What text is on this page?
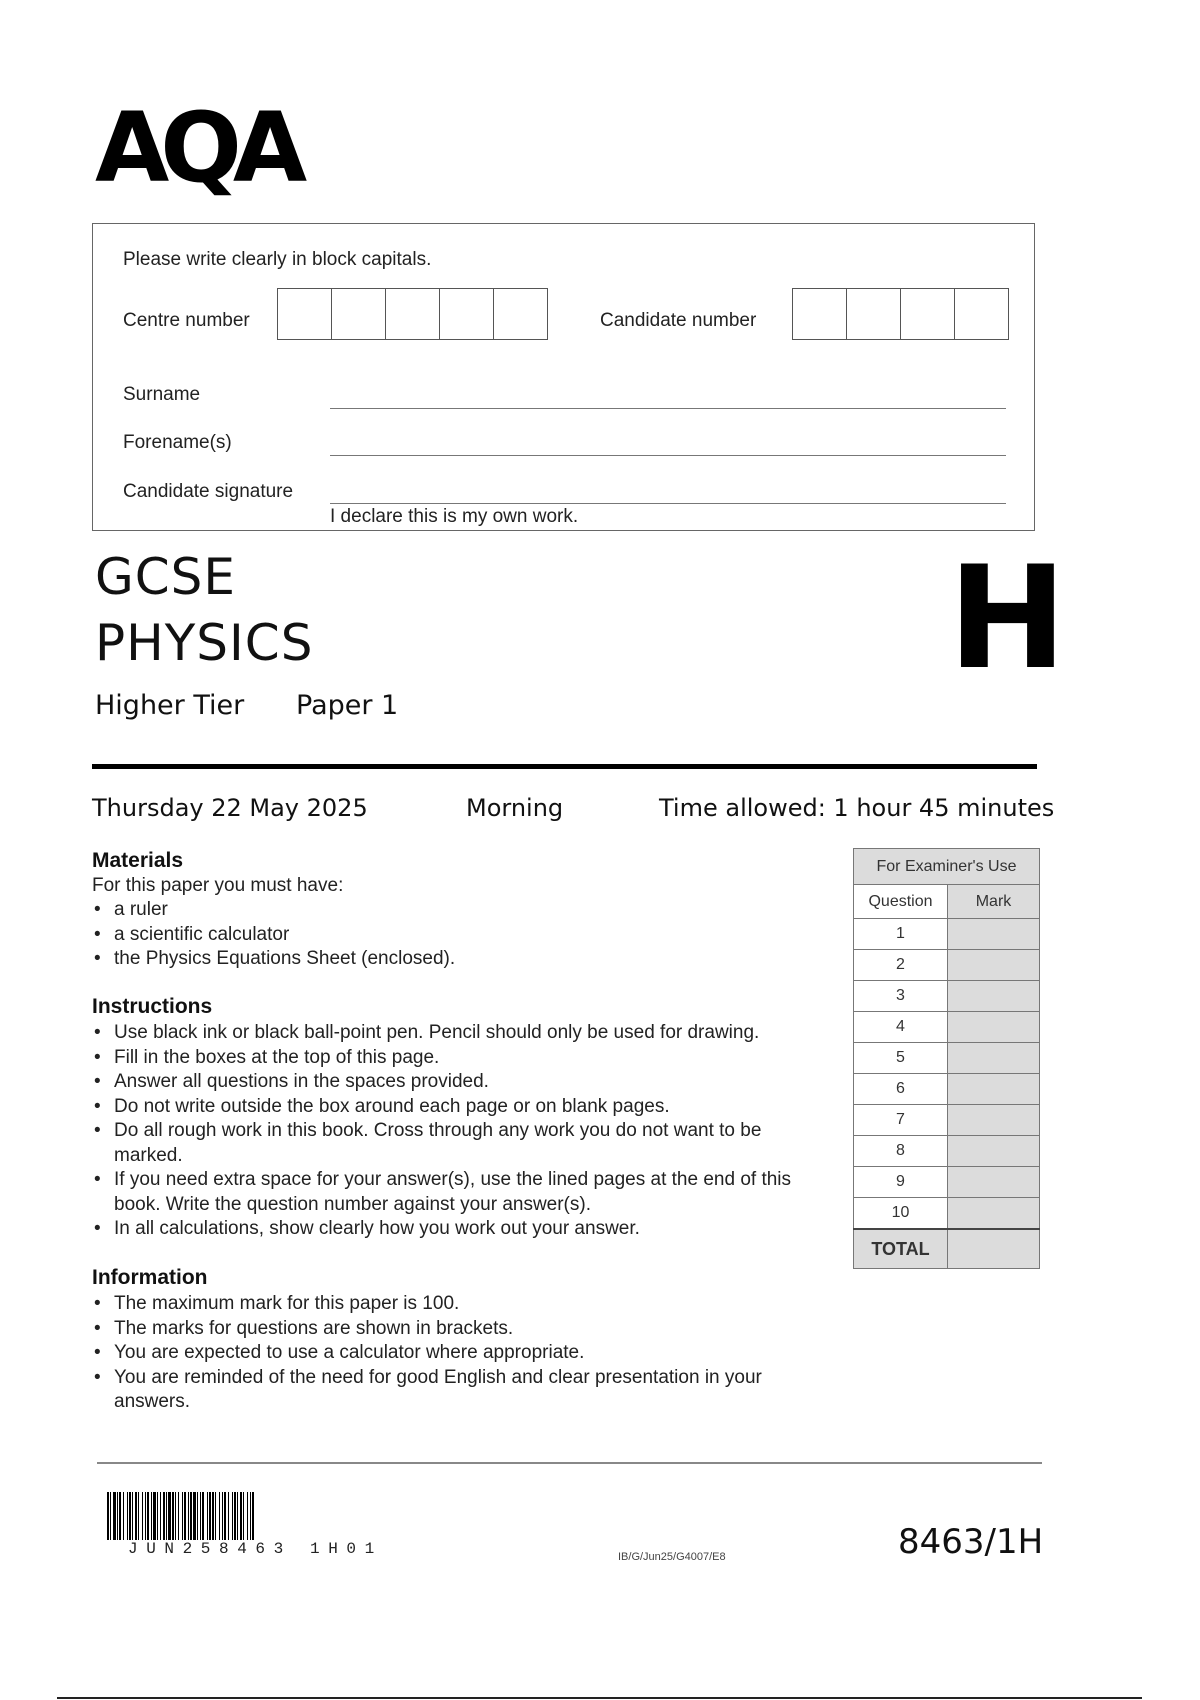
AQA
Please write clearly in block capitals.
Centre number	Candidate number
Surname
Forename(s)
Candidate signature
I declare this is my own work.
GCSE
PHYSICS
Higher Tier Paper 1
H
Thursday 22 May 2025	Morning	Time allowed: 1 hour 45 minutes
Materials
For this paper you must have:
• a ruler
• a scientific calculator
• the Physics Equations Sheet (enclosed).
Instructions
• Use black ink or black ball-point pen. Pencil should only be used for drawing.
• Fill in the boxes at the top of this page.
• Answer all questions in the spaces provided.
• Do not write outside the box around each page or on blank pages.
• Do all rough work in this book. Cross through any work you do not want to be marked.
• If you need extra space for your answer(s), use the lined pages at the end of this book. Write the question number against your answer(s).
• In all calculations, show clearly how you work out your answer.
Information
• The maximum mark for this paper is 100.
• The marks for questions are shown in brackets.
• You are expected to use a calculator where appropriate.
• You are reminded of the need for good English and clear presentation in your answers.
For Examiner's Use	
Question	Mark
1	
2	
3	
4	
5	
6	
7	
8	
9	
10	
TOTAL	
JUN258463 1H01	IB/G/Jun25/G4007/E8	8463/1H
